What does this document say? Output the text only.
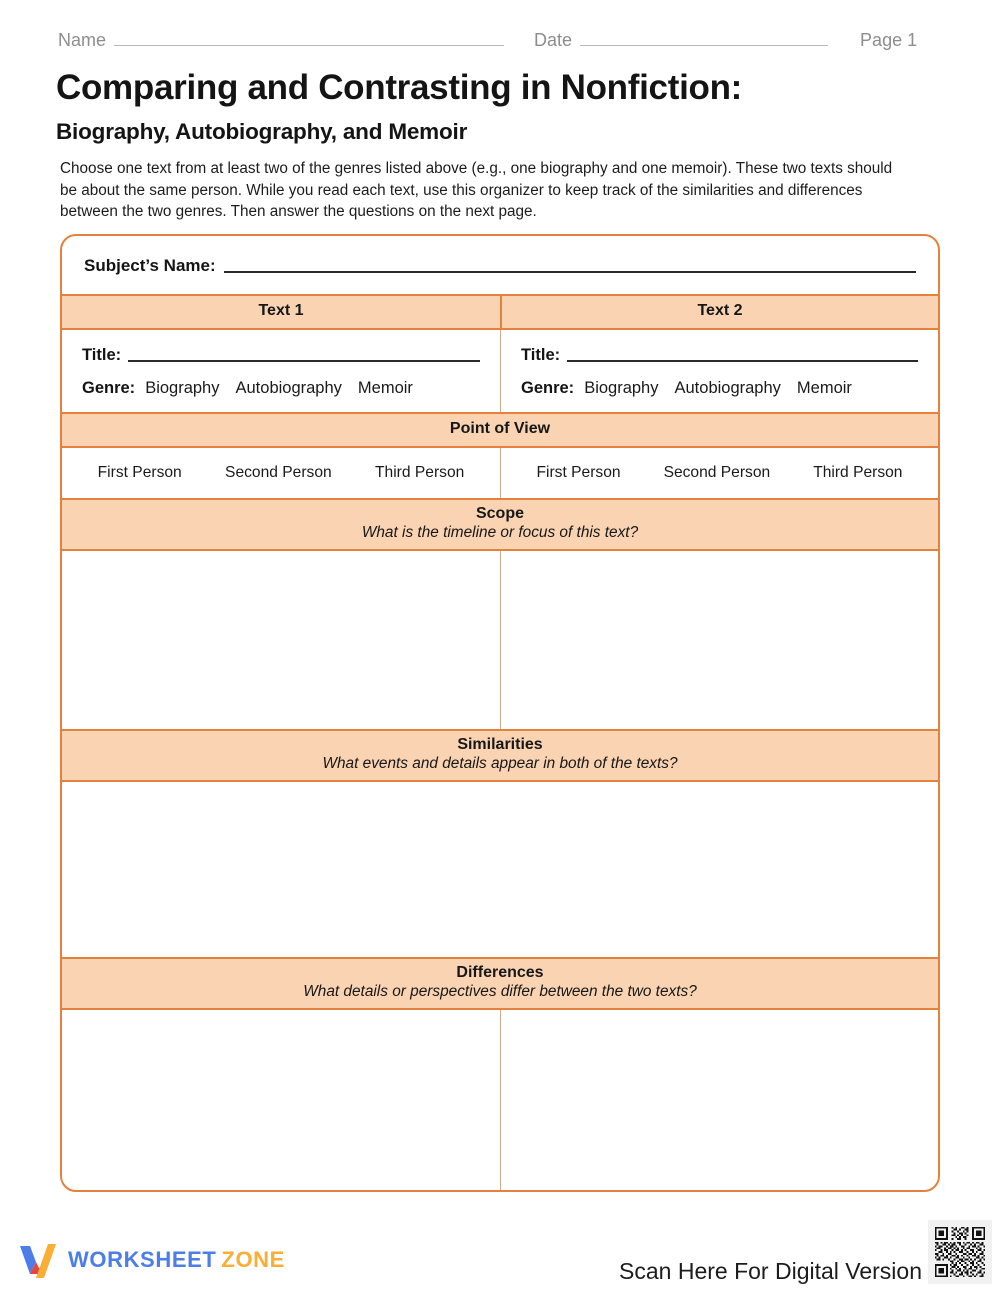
Name	Date	Page 1
Comparing and Contrasting in Nonfiction:
Biography, Autobiography, and Memoir
Choose one text from at least two of the genres listed above (e.g., one biography and one memoir). These two texts should be about the same person. While you read each text, use this organizer to keep track of the similarities and differences between the two genres. Then answer the questions on the next page.
Subject’s Name:
Text 1	Text 2
Title:
Genre: Biography Autobiography Memoir
Title:
Genre: Biography Autobiography Memoir
Point of View
First Person	Second Person	Third Person	First Person	Second Person	Third Person
Scope
What is the timeline or focus of this text?
Similarities
What events and details appear in both of the texts?
Differences
What details or perspectives differ between the two texts?
WORKSHEET ZONE	Scan Here For Digital Version
